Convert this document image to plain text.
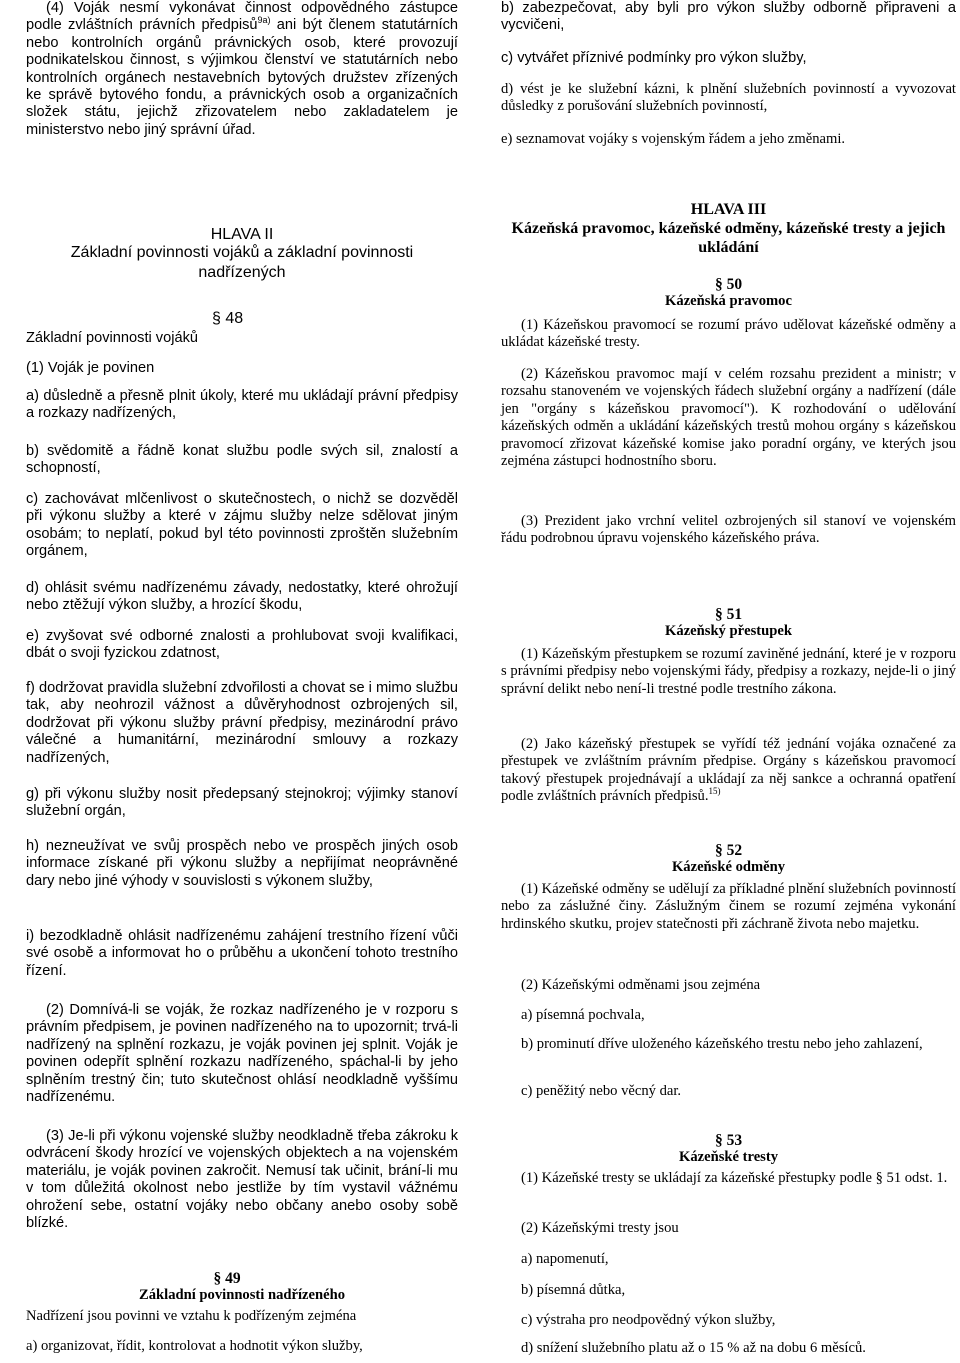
(4) Voják nesmí vykonávat činnost odpovědného zástupce podle zvláštních právních předpisů$^{9a)}$ ani být členem statutárních nebo kontrolních orgánů právnických osob, které provozují podnikatelskou činnost, s výjimkou členství ve statutárních nebo kontrolních orgánech nestavebních bytových družstev zřízených ke správě bytového fondu, a právnických osob a organizačních složek státu, jejichž zřizovatelem nebo zakladatelem je ministerstvo nebo jiný správní úřad.

HLAVA II
Základní povinnosti vojáků a základní povinnosti nadřízených
§ 48
Základní povinnosti vojáků

(1) Voják je povinen

a) důsledně a přesně plnit úkoly, které mu ukládají právní předpisy a rozkazy nadřízených,

b) svědomitě a řádně konat službu podle svých sil, znalostí a schopností,

c) zachovávat mlčenlivost o skutečnostech, o nichž se dozvěděl při výkonu služby a které v zájmu služby nelze sdělovat jiným osobám; to neplatí, pokud byl této povinnosti zproštěn služebním orgánem,

d) ohlásit svému nadřízenému závady, nedostatky, které ohrožují nebo ztěžují výkon služby, a hrozící škodu,

e) zvyšovat své odborné znalosti a prohlubovat svoji kvalifikaci, dbát o svoji fyzickou zdatnost,

f) dodržovat pravidla služební zdvořilosti a chovat se i mimo službu tak, aby neohrozil vážnost a důvěryhodnost ozbrojených sil, dodržovat při výkonu služby právní předpisy, mezinárodní právo válečné a humanitární, mezinárodní smlouvy a rozkazy nadřízených,

g) při výkonu služby nosit předepsaný stejnokroj; výjimky stanoví služební orgán,

h) nezneužívat ve svůj prospěch nebo ve prospěch jiných osob informace získané při výkonu služby a nepřijímat neoprávněné dary nebo jiné výhody v souvislosti s výkonem služby,

i) bezodkladně ohlásit nadřízenému zahájení trestního řízení vůči své osobě a informovat ho o průběhu a ukončení tohoto trestního řízení.

(2) Domnívá-li se voják, že rozkaz nadřízeného je v rozporu s právním předpisem, je povinen nadřízeného na to upozornit; trvá-li nadřízený na splnění rozkazu, je voják povinen jej splnit. Voják je povinen odepřít splnění rozkazu nadřízeného, spáchal-li by jeho splněním trestný čin; tuto skutečnost ohlásí neodkladně vyššímu nadřízenému.

(3) Je-li při výkonu vojenské služby neodkladně třeba zákroku k odvrácení škody hrozící ve vojenských objektech a na vojenském materiálu, je voják povinen zakročit. Nemusí tak učinit, brání-li mu v tom důležitá okolnost nebo jestliže by tím vystavil vážnému ohrožení sebe, ostatní vojáky nebo občany anebo osoby sobě blízké.

§ 49
Základní povinnosti nadřízeného

Nadřízení jsou povinni ve vztahu k podřízeným zejména

a) organizovat, řídit, kontrolovat a hodnotit výkon služby,

b) zabezpečovat, aby byli pro výkon služby odborně připraveni a vycvičeni,

c) vytvářet příznivé podmínky pro výkon služby,

d) vést je ke služební kázni, k plnění služebních povinností a vyvozovat důsledky z porušování služebních povinností,

e) seznamovat vojáky s vojenským řádem a jeho změnami.

HLAVA III
Kázeňská pravomoc, kázeňské odměny, kázeňské tresty a jejich ukládání
§ 50
Kázeňská pravomoc

(1) Kázeňskou pravomocí se rozumí právo udělovat kázeňské odměny a ukládat kázeňské tresty.

(2) Kázeňskou pravomoc mají v celém rozsahu prezident a ministr; v rozsahu stanoveném ve vojenských řádech služební orgány a nadřízení (dále jen "orgány s kázeňskou pravomocí"). K rozhodování o udělování kázeňských odměn a ukládání kázeňských trestů mohou orgány s kázeňskou pravomocí zřizovat kázeňské komise jako poradní orgány, ve kterých jsou zejména zástupci hodnostního sboru.

(3) Prezident jako vrchní velitel ozbrojených sil stanoví ve vojenském řádu podrobnou úpravu vojenského kázeňského práva.

§ 51
Kázeňský přestupek

(1) Kázeňským přestupkem se rozumí zaviněné jednání, které je v rozporu s právními předpisy nebo vojenskými řády, předpisy a rozkazy, nejde-li o jiný správní delikt nebo není-li trestné podle trestního zákona.

(2) Jako kázeňský přestupek se vyřídí též jednání vojáka označené za přestupek ve zvláštním právním předpise. Orgány s kázeňskou pravomocí takový přestupek projednávají a ukládají za něj sankce a ochranná opatření podle zvláštních právních předpisů.$^{15)}$

§ 52
Kázeňské odměny

(1) Kázeňské odměny se udělují za příkladné plnění služebních povinností nebo za záslužné činy. Záslužným činem se rozumí zejména vykonání hrdinského skutku, projev statečnosti při záchraně života nebo majetku.

(2) Kázeňskými odměnami jsou zejména

a) písemná pochvala,

b) prominutí dříve uloženého kázeňského trestu nebo jeho zahlazení,

c) peněžitý nebo věcný dar.

§ 53
Kázeňské tresty

(1) Kázeňské tresty se ukládají za kázeňské přestupky podle § 51 odst. 1.

(2) Kázeňskými tresty jsou

a) napomenutí,

b) písemná důtka,

c) výstraha pro neodpovědný výkon služby,

d) snížení služebního platu až o 15 % až na dobu 6 měsíců.
